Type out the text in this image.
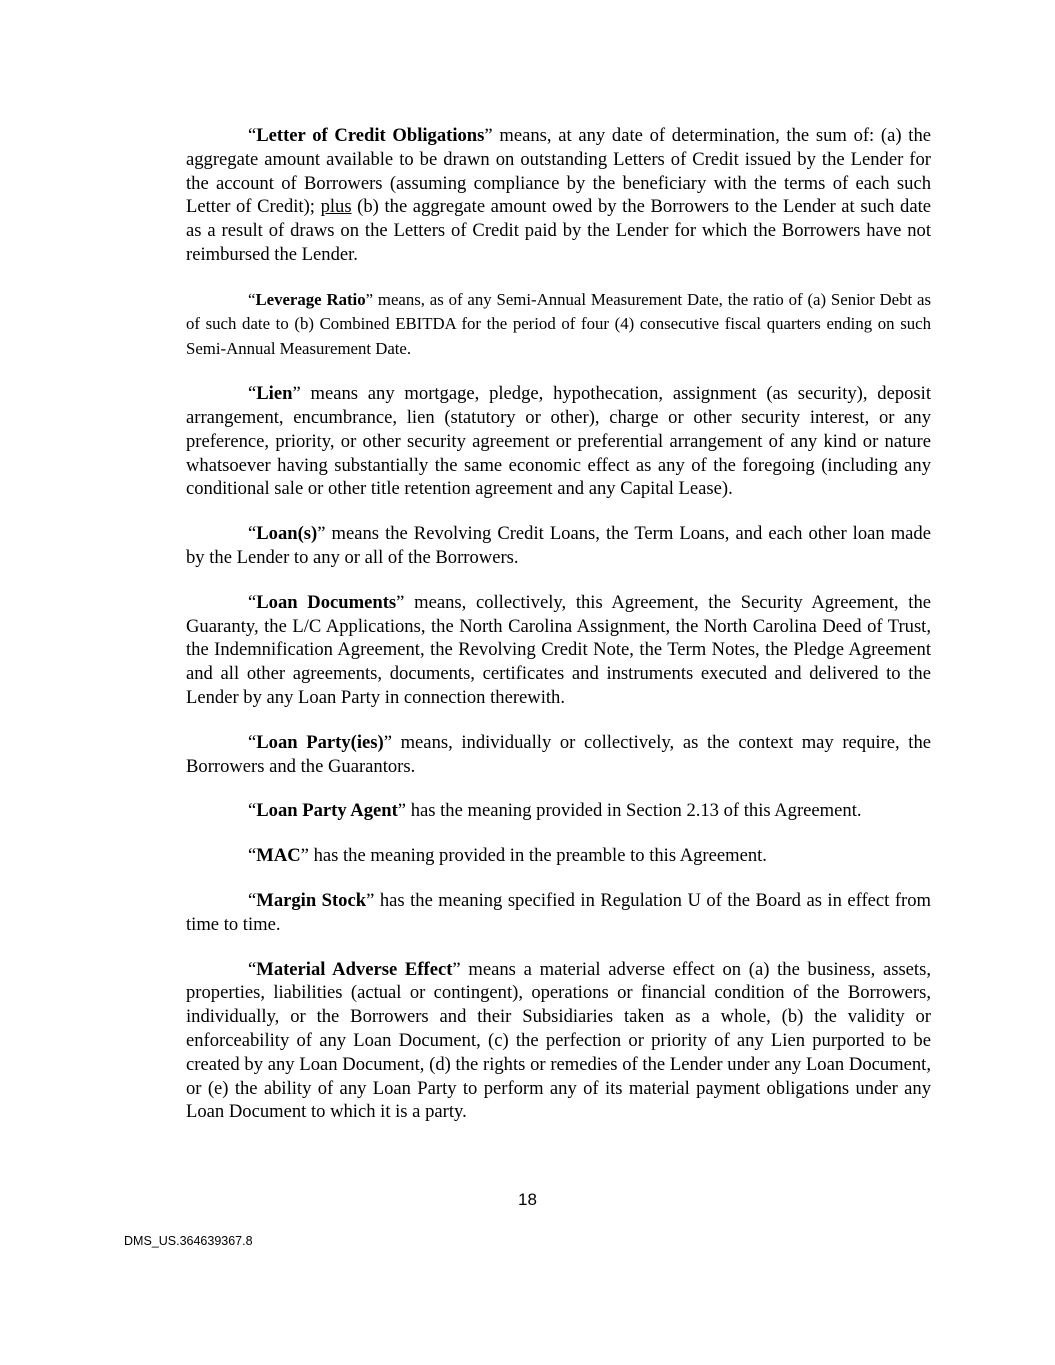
“Letter of Credit Obligations” means, at any date of determination, the sum of: (a) the aggregate amount available to be drawn on outstanding Letters of Credit issued by the Lender for the account of Borrowers (assuming compliance by the beneficiary with the terms of each such Letter of Credit); plus (b) the aggregate amount owed by the Borrowers to the Lender at such date as a result of draws on the Letters of Credit paid by the Lender for which the Borrowers have not reimbursed the Lender.

“Leverage Ratio” means, as of any Semi-Annual Measurement Date, the ratio of (a) Senior Debt as of such date to (b) Combined EBITDA for the period of four (4) consecutive fiscal quarters ending on such Semi-Annual Measurement Date.

“Lien” means any mortgage, pledge, hypothecation, assignment (as security), deposit arrangement, encumbrance, lien (statutory or other), charge or other security interest, or any preference, priority, or other security agreement or preferential arrangement of any kind or nature whatsoever having substantially the same economic effect as any of the foregoing (including any conditional sale or other title retention agreement and any Capital Lease).

“Loan(s)” means the Revolving Credit Loans, the Term Loans, and each other loan made by the Lender to any or all of the Borrowers.

“Loan Documents” means, collectively, this Agreement, the Security Agreement, the Guaranty, the L/C Applications, the North Carolina Assignment, the North Carolina Deed of Trust, the Indemnification Agreement, the Revolving Credit Note, the Term Notes, the Pledge Agreement and all other agreements, documents, certificates and instruments executed and delivered to the Lender by any Loan Party in connection therewith.

“Loan Party(ies)” means, individually or collectively, as the context may require, the Borrowers and the Guarantors.

“Loan Party Agent” has the meaning provided in Section 2.13 of this Agreement.

“MAC” has the meaning provided in the preamble to this Agreement.

“Margin Stock” has the meaning specified in Regulation U of the Board as in effect from time to time.

“Material Adverse Effect” means a material adverse effect on (a) the business, assets, properties, liabilities (actual or contingent), operations or financial condition of the Borrowers, individually, or the Borrowers and their Subsidiaries taken as a whole, (b) the validity or enforceability of any Loan Document, (c) the perfection or priority of any Lien purported to be created by any Loan Document, (d) the rights or remedies of the Lender under any Loan Document, or (e) the ability of any Loan Party to perform any of its material payment obligations under any Loan Document to which it is a party.

18
DMS_US.364639367.8
